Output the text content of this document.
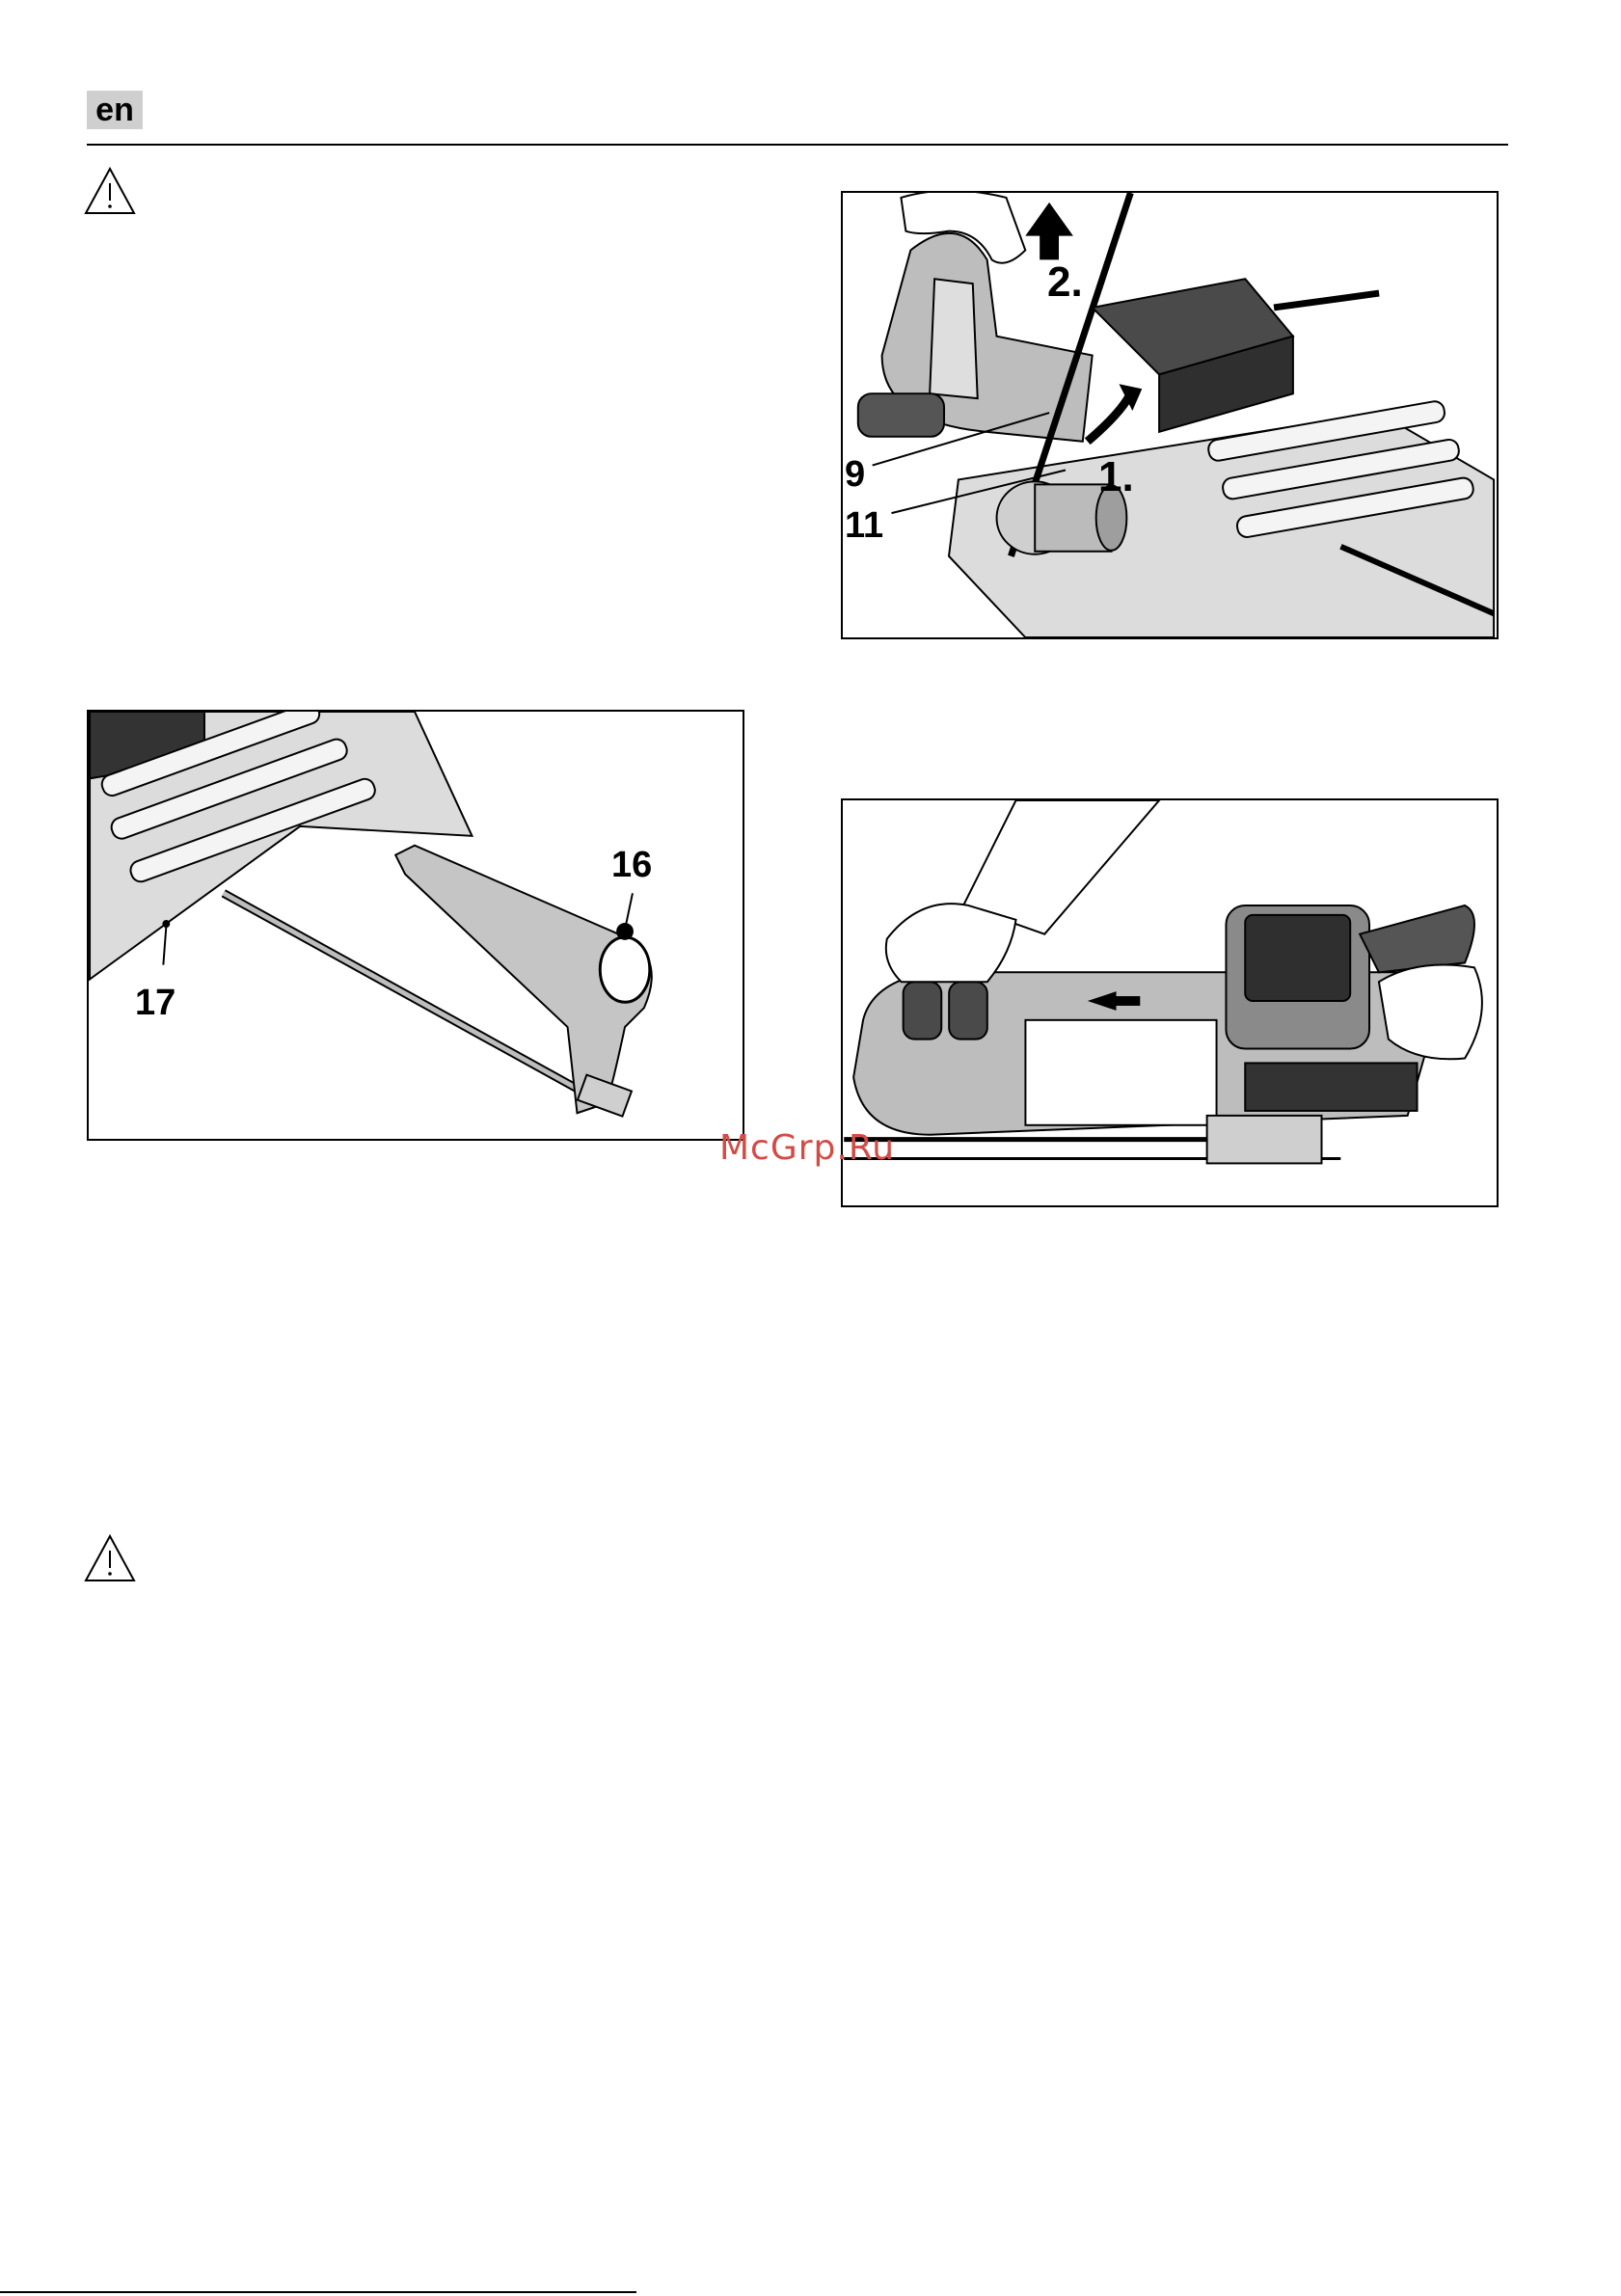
en
9
11
1.
2.
16
17
McGrp.Ru
